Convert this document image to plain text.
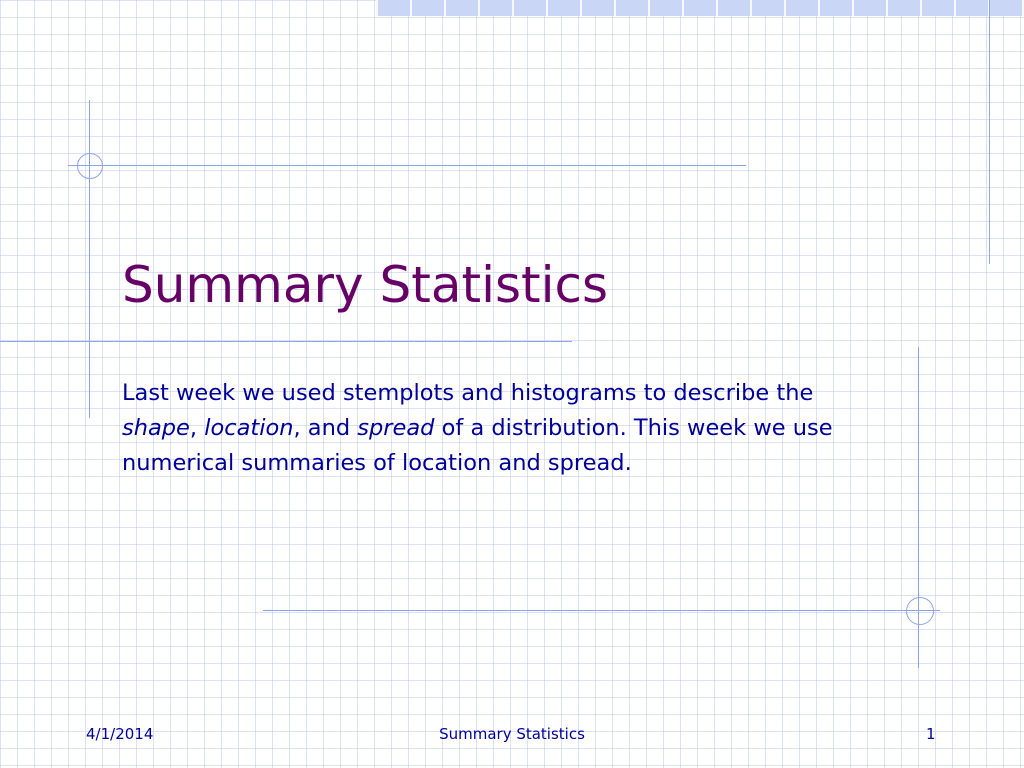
Summary Statistics

Last week we used stemplots and histograms to describe the shape, location, and spread of a distribution. This week we use numerical summaries of location and spread.

4/1/2014	Summary Statistics	1
